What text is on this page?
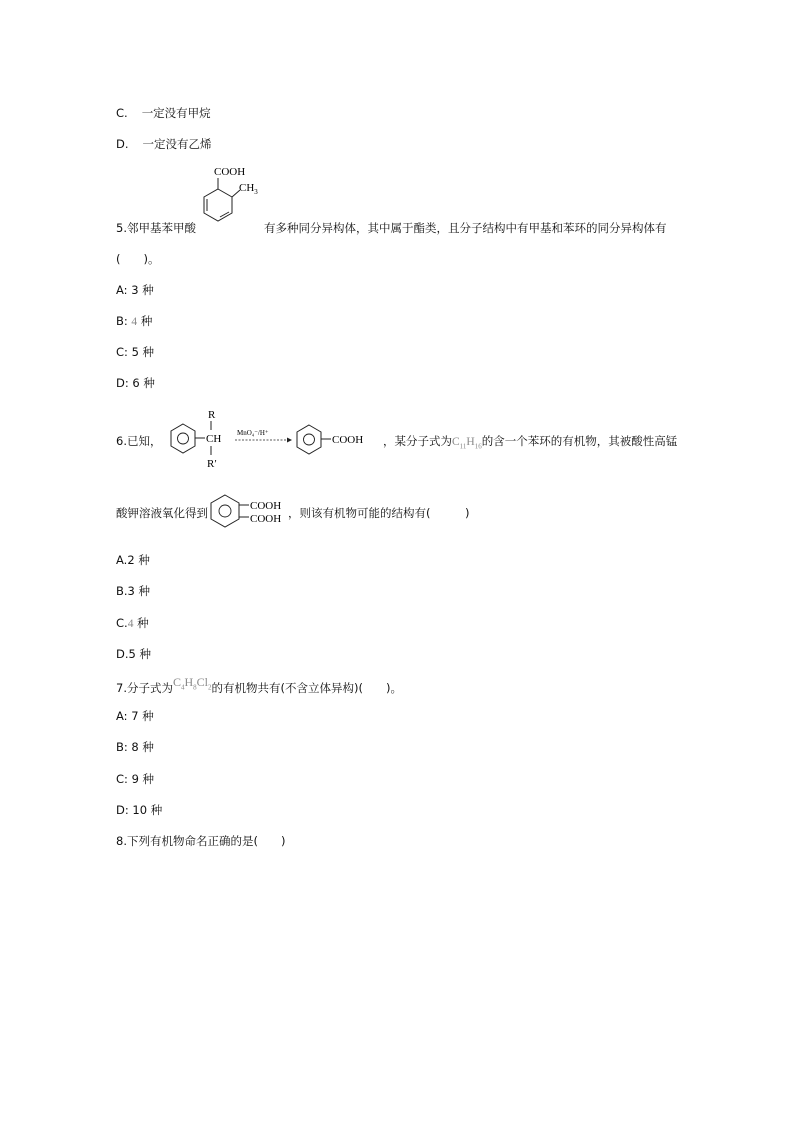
C. 一定没有甲烷
D. 一定没有乙烯
COOH
$CH_3$
5.邻甲基苯甲酸	有多种同分异构体，其中属于酯类，且分子结构中有甲基和苯环的同分异构体有
(　　)。
A: 3 种
B: 4 种
C: 5 种
D: 6 种
6.已知，
R
CH
R′
MnO₄⁻/H⁺
COOH ，某分子式为$C_{11}H_{16}$的含一个苯环的有机物，其被酸性高锰
酸钾溶液氧化得到	COOH
COOH ，则该有机物可能的结构有(　　　)
A.2 种
B.3 种
C.4 种
D.5 种
7.分子式为$C_4H_8Cl_2$的有机物共有(不含立体异构)(　　)。
A: 7 种
B: 8 种
C: 9 种
D: 10 种
8.下列有机物命名正确的是(　　)
